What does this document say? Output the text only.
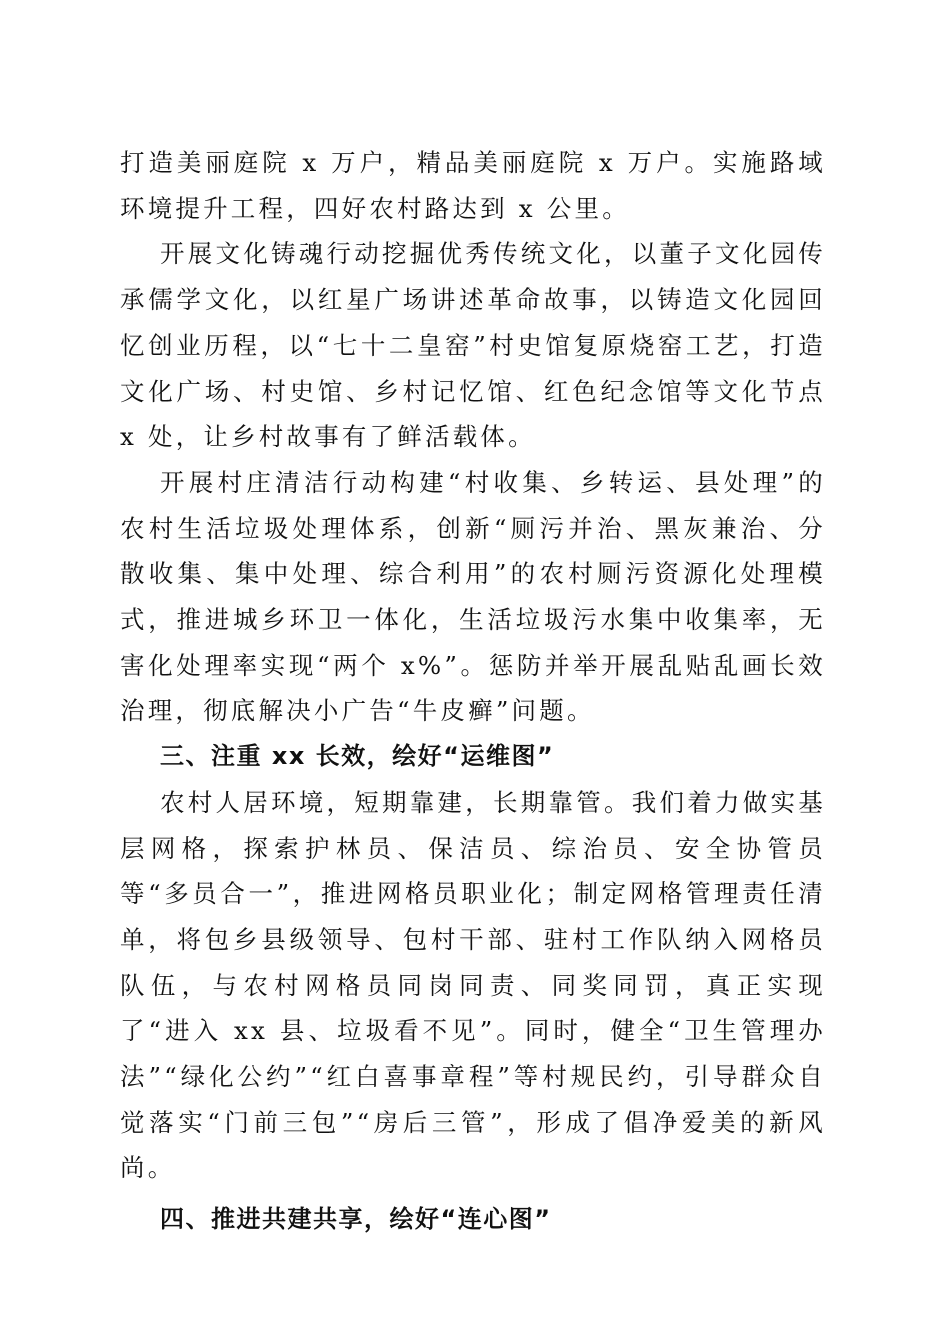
打造美丽庭院 x 万户，精品美丽庭院 x 万户。实施路域环境提升工程，四好农村路达到 x 公里。

开展文化铸魂行动挖掘优秀传统文化，以董子文化园传承儒学文化，以红星广场讲述革命故事，以铸造文化园回忆创业历程，以“七十二皇窑”村史馆复原烧窑工艺，打造文化广场、村史馆、乡村记忆馆、红色纪念馆等文化节点 x 处，让乡村故事有了鲜活载体。

开展村庄清洁行动构建“村收集、乡转运、县处理”的农村生活垃圾处理体系，创新“厕污并治、黑灰兼治、分散收集、集中处理、综合利用”的农村厕污资源化处理模式，推进城乡环卫一体化，生活垃圾污水集中收集率，无害化处理率实现“两个 x%”。惩防并举开展乱贴乱画长效治理，彻底解决小广告“牛皮癣”问题。

三、注重 xx 长效，绘好“运维图”

农村人居环境，短期靠建，长期靠管。我们着力做实基层网格，探索护林员、保洁员、综治员、安全协管员等“多员合一”，推进网格员职业化；制定网格管理责任清单，将包乡县级领导、包村干部、驻村工作队纳入网格员队伍，与农村网格员同岗同责、同奖同罚，真正实现了“进入 xx 县、垃圾看不见”。同时，健全“卫生管理办法”“绿化公约”“红白喜事章程”等村规民约，引导群众自觉落实“门前三包”“房后三管”，形成了倡净爱美的新风尚。

四、推进共建共享，绘好“连心图”
